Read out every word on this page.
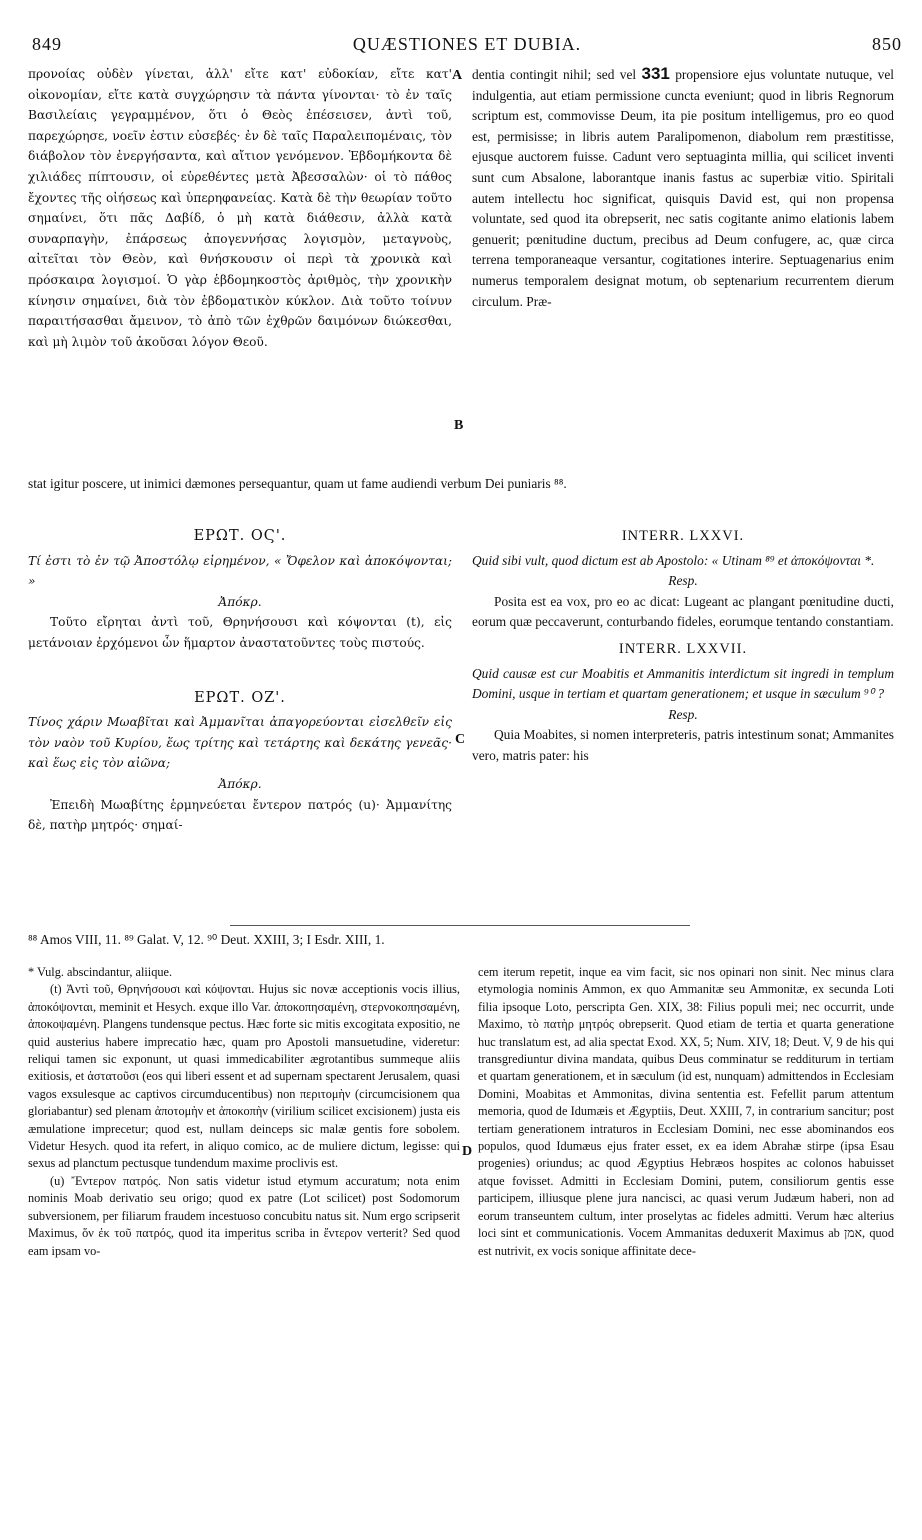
849	QUÆSTIONES ET DUBIA.	850
A
B
C
D

προνοίας οὐδὲν γίνεται, ἀλλ' εἴτε κατ' εὐδοκίαν, εἴτε κατ' οἰκονομίαν, εἴτε κατὰ συγχώρησιν τὰ πάντα γίνονται· τὸ ἐν ταῖς Βασιλείαις γεγραμμένον, ὅτι ὁ Θεὸς ἐπέσεισεν, ἀντὶ τοῦ, παρεχώρησε, νοεῖν ἐστιν εὐσεβές· ἐν δὲ ταῖς Παραλειπομέναις, τὸν διάβολον τὸν ἐνεργήσαντα, καὶ αἴτιον γενόμενον. Ἑβδομήκοντα δὲ χιλιάδες πίπτουσιν, οἱ εὑρεθέντες μετὰ Ἀβεσσαλὼν· οἱ τὸ πάθος ἔχοντες τῆς οἰήσεως καὶ ὑπερηφανείας. Κατὰ δὲ τὴν θεωρίαν τοῦτο σημαίνει, ὅτι πᾶς Δαβίδ, ὁ μὴ κατὰ διάθεσιν, ἀλλὰ κατὰ συναρπαγὴν, ἐπάρσεως ἀπογεννήσας λογισμὸν, μεταγνοὺς, αἰτεῖται τὸν Θεὸν, καὶ θνήσκουσιν οἱ περὶ τὰ χρονικὰ καὶ πρόσκαιρα λογισμοί. Ὁ γὰρ ἑβδομηκοστὸς ἀριθμὸς, τὴν χρονικὴν κίνησιν σημαίνει, διὰ τὸν ἑβδοματικὸν κύκλον. Διὰ τοῦτο τοίνυν παραιτήσασθαι ἄμεινον, τὸ ἀπὸ τῶν ἐχθρῶν δαιμόνων διώκεσθαι, καὶ μὴ λιμὸν τοῦ ἀκοῦσαι λόγον Θεοῦ.

dentia contingit nihil; sed vel 331 propensiore ejus voluntate nutuque, vel indulgentia, aut etiam permissione cuncta eveniunt; quod in libris Regnorum scriptum est, commovisse Deum, ita pie positum intelligemus, pro eo quod est, permisisse; in libris autem Paralipomenon, diabolum rem præstitisse, ejusque auctorem fuisse. Cadunt vero septuaginta millia, qui scilicet inventi sunt cum Absalone, laborantque inanis fastus ac superbiæ vitio. Spiritali autem intellectu hoc significat, quisquis David est, qui non propensa voluntate, sed quod ita obrepserit, nec satis cogitante animo elationis labem genuerit; pœnitudine ductum, precibus ad Deum confugere, ac, quæ circa terrena temporaneaque versantur, cogitationes interire. Septuagenarius enim numerus temporalem designat motum, ob septenarium recurrentem dierum circulum. Præ-

stat igitur poscere, ut inimici dæmones persequantur, quam ut fame audiendi verbum Dei puniaris ⁸⁸.

ΕΡΩΤ. ΟϚ'.

Τί ἐστι τὸ ἐν τῷ Ἀποστόλῳ εἰρημένον, « Ὄφελον καὶ ἀποκόψονται; »

Ἀπόκρ.

Τοῦτο εἴρηται ἀντὶ τοῦ, Θρηνήσουσι καὶ κόψονται (t), εἰς μετάνοιαν ἐρχόμενοι ὧν ἥμαρτον ἀναστατοῦντες τοὺς πιστούς.

ΕΡΩΤ. ΟΖ'.

Τίνος χάριν Μωαβῖται καὶ Ἀμμανῖται ἀπαγορεύονται εἰσελθεῖν εἰς τὸν ναὸν τοῦ Κυρίου, ἕως τρίτης καὶ τετάρτης καὶ δεκάτης γενεᾶς· καὶ ἕως εἰς τὸν αἰῶνα;

Ἀπόκρ.

Ἐπειδὴ Μωαβίτης ἑρμηνεύεται ἔντερον πατρός (u)· Ἀμμανίτης δὲ, πατὴρ μητρός· σημαί-

INTERR. LXXVI.

Quid sibi vult, quod dictum est ab Apostolo: « Utinam ⁸⁹ et ἀποκόψονται *.

Resp.

Posita est ea vox, pro eo ac dicat: Lugeant ac plangant pœnitudine ducti, eorum quæ peccaverunt, conturbando fideles, eorumque tentando constantiam.

INTERR. LXXVII.

Quid causæ est cur Moabitis et Ammanitis interdictum sit ingredi in templum Domini, usque in tertiam et quartam generationem; et usque in sæculum ⁹⁰ ?

Resp.

Quia Moabites, si nomen interpreteris, patris intestinum sonat; Ammanites vero, matris pater: his

⁸⁸ Amos VIII, 11. ⁸⁹ Galat. V, 12. ⁹⁰ Deut. XXIII, 3; I Esdr. XIII, 1.

* Vulg. abscindantur, aliique.

(t) Ἀντὶ τοῦ, Θρηνήσουσι καὶ κόψονται. Hujus sic novæ acceptionis vocis illius, ἀποκόψονται, meminit et Hesych. exque illo Var. ἀποκοπησαμένη, στερνοκοπησαμένη, ἀποκοψαμένη. Plangens tundensque pectus. Hæc forte sic mitis excogitata expositio, ne quid austerius habere imprecatio hæc, quam pro Apostoli mansuetudine, videretur: reliqui tamen sic exponunt, ut quasi immedicabiliter ægrotantibus summeque aliis exitiosis, et ἀστατοῦσι (eos qui liberi essent et ad supernam spectarent Jerusalem, quasi vagos exsulesque ac captivos circumducentibus) non περιτομὴν (circumcisionem qua gloriabantur) sed plenam ἀποτομὴν et ἀποκοπὴν (virilium scilicet excisionem) justa eis æmulatione imprecetur; quod est, nullam deinceps sic malæ gentis fore sobolem. Videtur Hesych. quod ita refert, in aliquo comico, ac de muliere dictum, legisse: qui sexus ad planctum pectusque tundendum maxime proclivis est.

(u) Ἔντερον πατρός. Non satis videtur istud etymum accuratum; nota enim nominis Moab derivatio seu origo; quod ex patre (Lot scilicet) post Sodomorum subversionem, per filiarum fraudem incestuoso concubitu natus sit. Num ergo scripserit Maximus, ὅν ἐκ τοῦ πατρός, quod ita imperitus scriba in ἔντερον verterit? Sed quod eam ipsam vo-

cem iterum repetit, inque ea vim facit, sic nos opinari non sinit. Nec minus clara etymologia nominis Ammon, ex quo Ammanitæ seu Ammonitæ, ex secunda Loti filia ipsoque Loto, perscripta Gen. XIX, 38: Filius populi mei; nec occurrit, unde Maximo, τὸ πατὴρ μητρός obrepserit. Quod etiam de tertia et quarta generatione huc translatum est, ad alia spectat Exod. XX, 5; Num. XIV, 18; Deut. V, 9 de his qui transgrediuntur divina mandata, quibus Deus comminatur se redditurum in tertiam et quartam generationem, et in sæculum (id est, nunquam) admittendos in Ecclesiam Domini, Moabitas et Ammonitas, divina sententia est. Fefellit parum attentum memoria, quod de Idumæis et Ægyptiis, Deut. XXIII, 7, in contrarium sancitur; post tertiam generationem intraturos in Ecclesiam Domini, nec esse abominandos eos populos, quod Idumæus ejus frater esset, ex ea idem Abrahæ stirpe (ipsa Esau progenies) oriundus; ac quod Ægyptius Hebræos hospites ac colonos habuisset atque fovisset. Admitti in Ecclesiam Domini, putem, consiliorum gentis esse participem, illiusque plene jura nancisci, ac quasi verum Judæum haberi, non ad eorum transeuntem cultum, inter proselytas ac fideles admitti. Verum hæc alterius loci sint et communicationis. Vocem Ammanitas deduxerit Maximus ab אמן, quod est nutrivit, ex vocis sonique affinitate dece-
